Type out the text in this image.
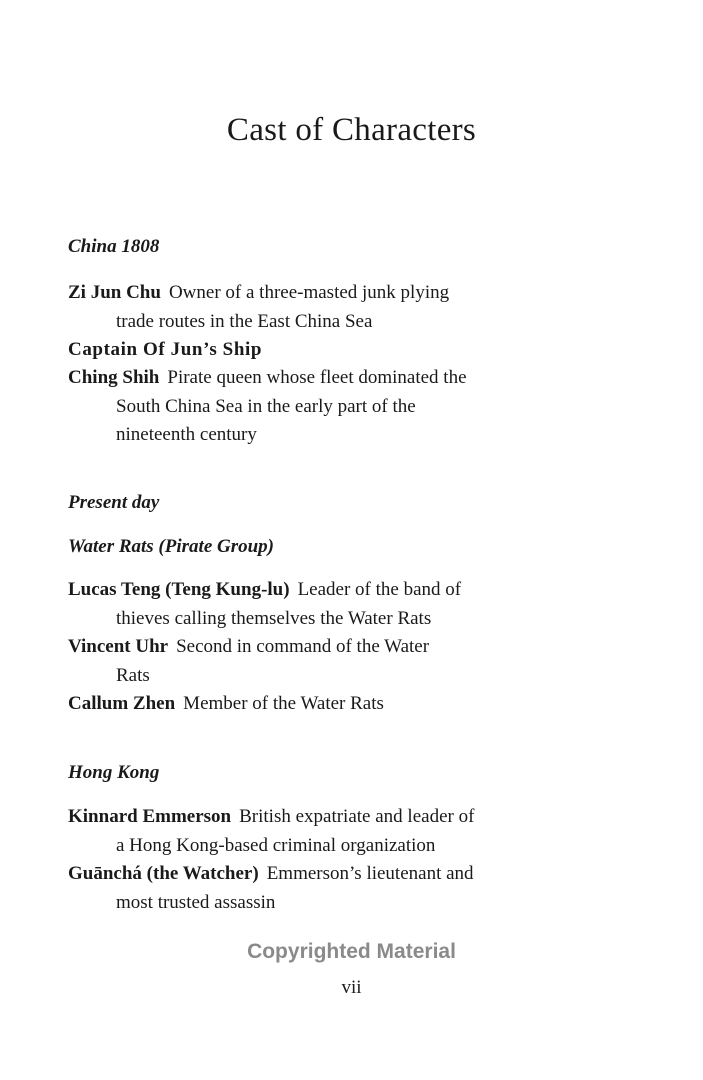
Cast of Characters
China 1808
Zi Jun Chu Owner of a three-masted junk plying
trade routes in the East China Sea
Captain Of Jun’s Ship
Ching Shih Pirate queen whose fleet dominated the
South China Sea in the early part of the
nineteenth century
Present day
Water Rats (Pirate Group)
Lucas Teng (Teng Kung-lu) Leader of the band of
thieves calling themselves the Water Rats
Vincent Uhr Second in command of the Water
Rats
Callum Zhen Member of the Water Rats
Hong Kong
Kinnard Emmerson British expatriate and leader of
a Hong Kong-based criminal organization
Guānchá (the Watcher) Emmerson’s lieutenant and
most trusted assassin
Copyrighted Material
vii
